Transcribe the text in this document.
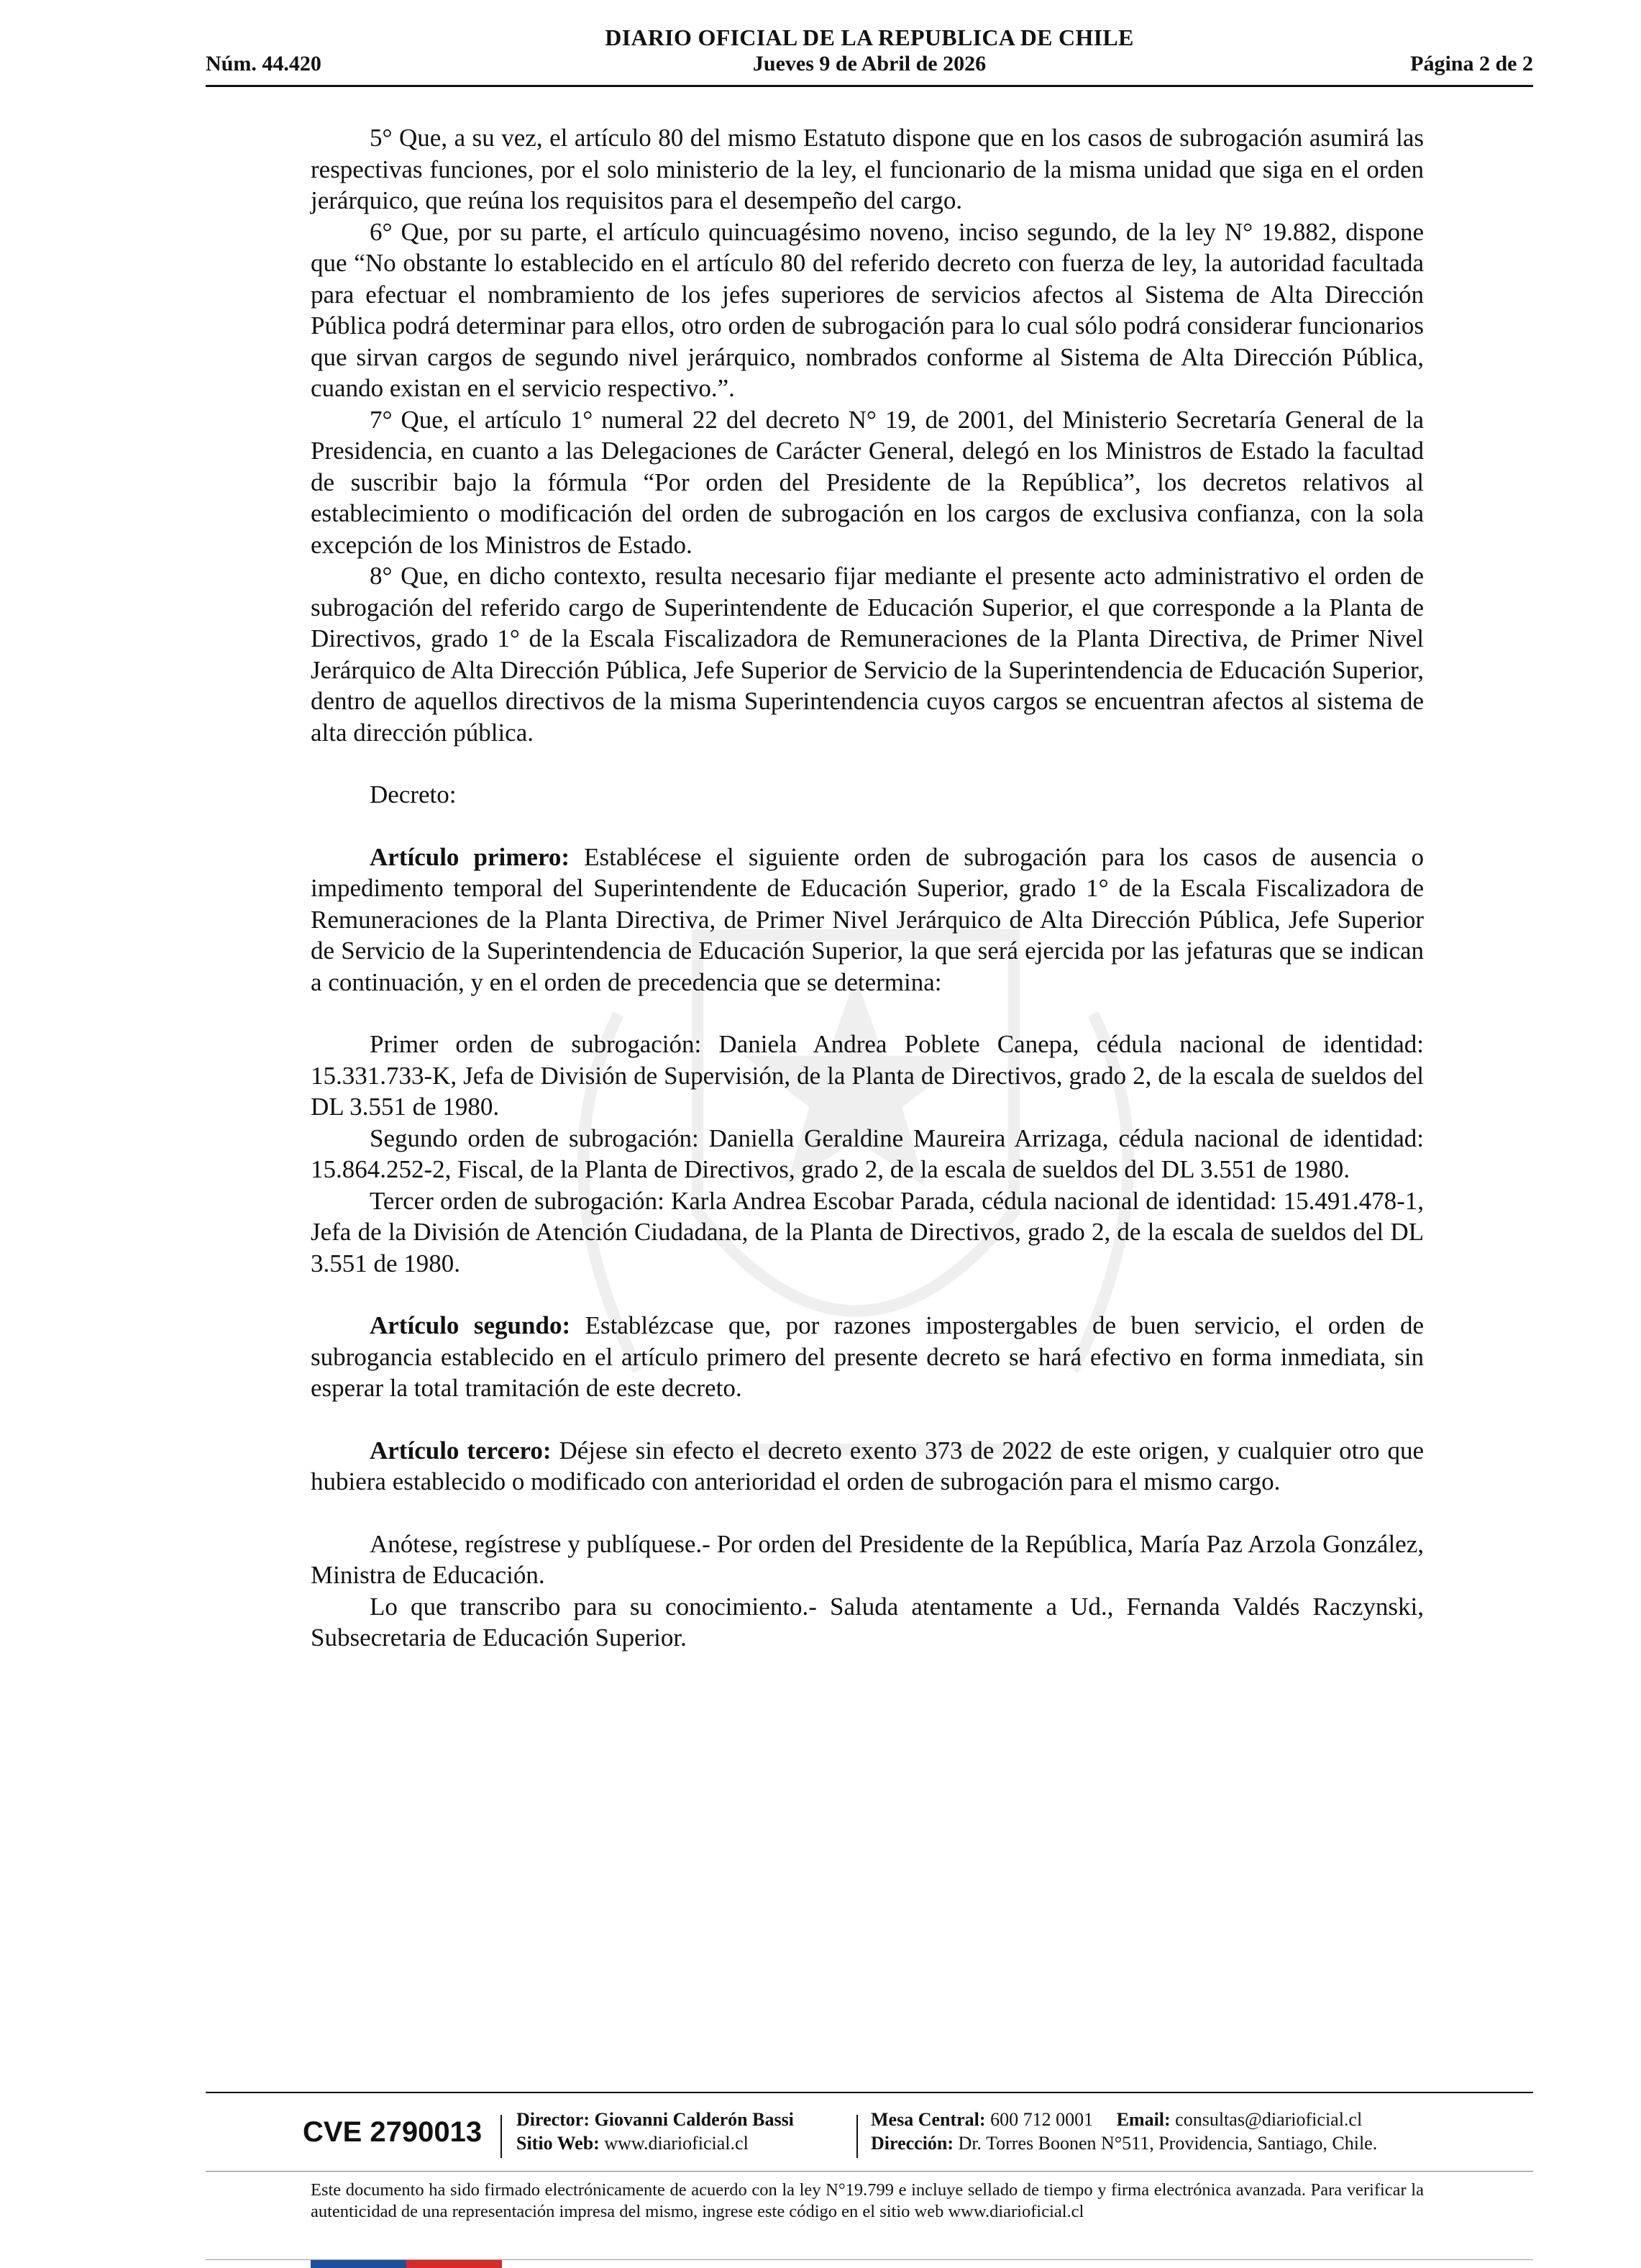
DIARIO OFICIAL DE LA REPUBLICA DE CHILE
Núm. 44.420	Jueves 9 de Abril de 2026	Página 2 de 2

5° Que, a su vez, el artículo 80 del mismo Estatuto dispone que en los casos de subrogación asumirá las respectivas funciones, por el solo ministerio de la ley, el funcionario de la misma unidad que siga en el orden jerárquico, que reúna los requisitos para el desempeño del cargo.

6° Que, por su parte, el artículo quincuagésimo noveno, inciso segundo, de la ley N° 19.882, dispone que “No obstante lo establecido en el artículo 80 del referido decreto con fuerza de ley, la autoridad facultada para efectuar el nombramiento de los jefes superiores de servicios afectos al Sistema de Alta Dirección Pública podrá determinar para ellos, otro orden de subrogación para lo cual sólo podrá considerar funcionarios que sirvan cargos de segundo nivel jerárquico, nombrados conforme al Sistema de Alta Dirección Pública, cuando existan en el servicio respectivo.”.

7° Que, el artículo 1° numeral 22 del decreto N° 19, de 2001, del Ministerio Secretaría General de la Presidencia, en cuanto a las Delegaciones de Carácter General, delegó en los Ministros de Estado la facultad de suscribir bajo la fórmula “Por orden del Presidente de la República”, los decretos relativos al establecimiento o modificación del orden de subrogación en los cargos de exclusiva confianza, con la sola excepción de los Ministros de Estado.

8° Que, en dicho contexto, resulta necesario fijar mediante el presente acto administrativo el orden de subrogación del referido cargo de Superintendente de Educación Superior, el que corresponde a la Planta de Directivos, grado 1° de la Escala Fiscalizadora de Remuneraciones de la Planta Directiva, de Primer Nivel Jerárquico de Alta Dirección Pública, Jefe Superior de Servicio de la Superintendencia de Educación Superior, dentro de aquellos directivos de la misma Superintendencia cuyos cargos se encuentran afectos al sistema de alta dirección pública.

Decreto:

Artículo primero: Establécese el siguiente orden de subrogación para los casos de ausencia o impedimento temporal del Superintendente de Educación Superior, grado 1° de la Escala Fiscalizadora de Remuneraciones de la Planta Directiva, de Primer Nivel Jerárquico de Alta Dirección Pública, Jefe Superior de Servicio de la Superintendencia de Educación Superior, la que será ejercida por las jefaturas que se indican a continuación, y en el orden de precedencia que se determina:

Primer orden de subrogación: Daniela Andrea Poblete Canepa, cédula nacional de identidad: 15.331.733-K, Jefa de División de Supervisión, de la Planta de Directivos, grado 2, de la escala de sueldos del DL 3.551 de 1980.

Segundo orden de subrogación: Daniella Geraldine Maureira Arrizaga, cédula nacional de identidad: 15.864.252-2, Fiscal, de la Planta de Directivos, grado 2, de la escala de sueldos del DL 3.551 de 1980.

Tercer orden de subrogación: Karla Andrea Escobar Parada, cédula nacional de identidad: 15.491.478-1, Jefa de la División de Atención Ciudadana, de la Planta de Directivos, grado 2, de la escala de sueldos del DL 3.551 de 1980.

Artículo segundo: Establézcase que, por razones impostergables de buen servicio, el orden de subrogancia establecido en el artículo primero del presente decreto se hará efectivo en forma inmediata, sin esperar la total tramitación de este decreto.

Artículo tercero: Déjese sin efecto el decreto exento 373 de 2022 de este origen, y cualquier otro que hubiera establecido o modificado con anterioridad el orden de subrogación para el mismo cargo.

Anótese, regístrese y publíquese.- Por orden del Presidente de la República, María Paz Arzola González, Ministra de Educación.

Lo que transcribo para su conocimiento.- Saluda atentamente a Ud., Fernanda Valdés Raczynski, Subsecretaria de Educación Superior.

CVE 2790013 Director: Giovanni Calderón Bassi
Sitio Web: www.diarioficial.cl
Mesa Central: 600 712 0001 Email: consultas@diarioficial.cl
Dirección: Dr. Torres Boonen N°511, Providencia, Santiago, Chile.
Este documento ha sido firmado electrónicamente de acuerdo con la ley N°19.799 e incluye sellado de tiempo y firma electrónica avanzada. Para verificar la autenticidad de una representación impresa del mismo, ingrese este código en el sitio web www.diarioficial.cl
